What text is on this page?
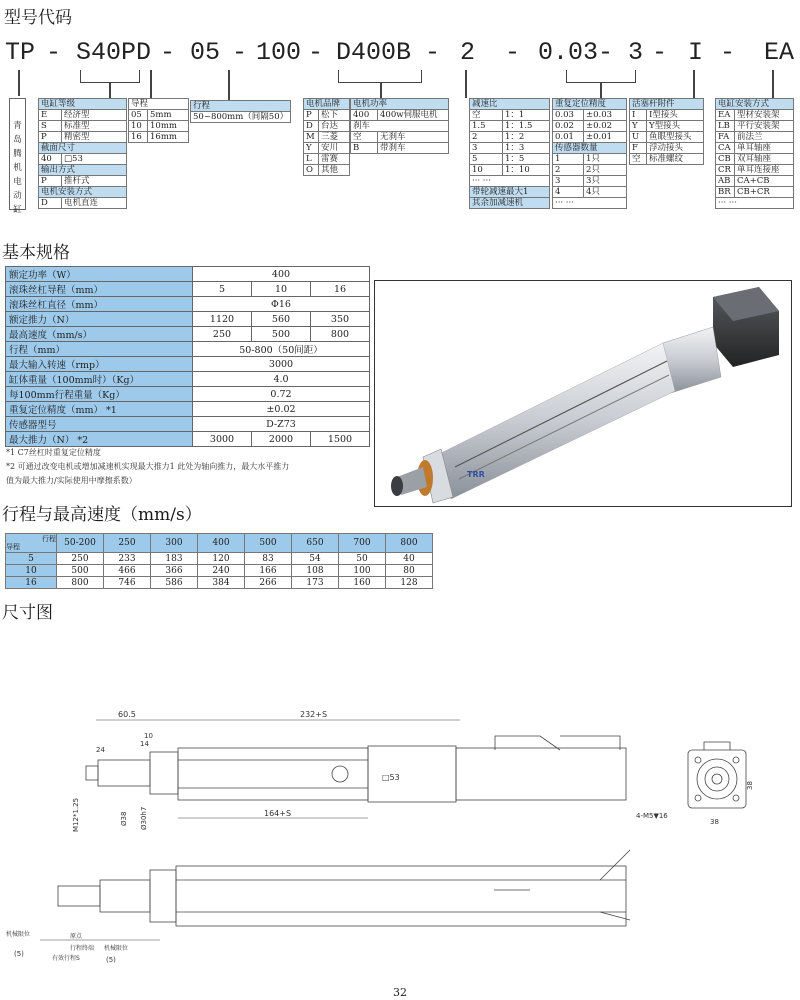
型号代码
基本规格
行程与最高速度（mm/s）
尺寸图
TP - S40PD - 05 - 100 - D400B - 2 - 0.03 - 3 - I - EA
青
岛
腾
机
电
动
缸
电缸等级	
E	经济型
S	标准型
P	精密型
截面尺寸	
40	□53
输出方式	
P	推杆式
电机安装方式	
D	电机直连
导程	
05	5mm
10	10mm
16	16mm
行程
50~800mm（间隔50）
电机品牌	
P	松下
D	台达
M	三菱
Y	安川
L	雷赛
O	其他
电机功率	
400	400w伺服电机
刹车	
空	无刹车
B	带刹车
减速比	
空	1：1
1.5	1：1.5
2	1：2
3	1：3
5	1：5
10	1：10
··· ···	
带轮减速最大1	
其余加减速机	
重复定位精度	
0.03	±0.03
0.02	±0.02
0.01	±0.01
传感器数量	
1	1只
2	2只
3	3只
4	4只
··· ···	
活塞杆附件	
I	I型接头
Y	Y型接头
U	鱼眼型接头
F	浮动接头
空	标准螺纹
电缸安装方式	
EA	型材安装架
LB	平行安装架
FA	前法兰
CA	单耳轴座
CB	双耳轴座
CR	单耳连接座
AB	CA+CB
BR	CB+CR
··· ···	
额定功率（W）	400		
滚珠丝杠导程（mm）	5	10	16
滚珠丝杠直径（mm）	Φ16		
额定推力（N）	1120	560	350
最高速度（mm/s）	250	500	800
行程（mm）	50-800（50间距）		
最大输入转速（rmp）	3000		
缸体重量（100mm时）（Kg）	4.0		
每100mm行程重量（Kg）	0.72		
重复定位精度（mm） *1	±0.02		
传感器型号	D-Z73		
最大推力（N） *2	3000	2000	1500
*1 C7丝杠时重复定位精度
*2 可通过改变电机或增加减速机实现最大推力1 此处为轴向推力，最大水平推力
值为最大推力/实际使用中摩擦系数）
TRR
行程
导程	50-200	250	300	400	500	650	700	800
5	250	233	183	120	83	54	50	40
10	500	466	366	240	166	108	100	80
16	800	746	586	384	266	173	160	128
60.5	232+S
□53
164+S
24
14
10
M12*1.25	Ø38 Ø30h7
38
38
4-M5▼16
原点
机械限位
行程终端 机械限位
有效行程S
(5)
(5)
32
